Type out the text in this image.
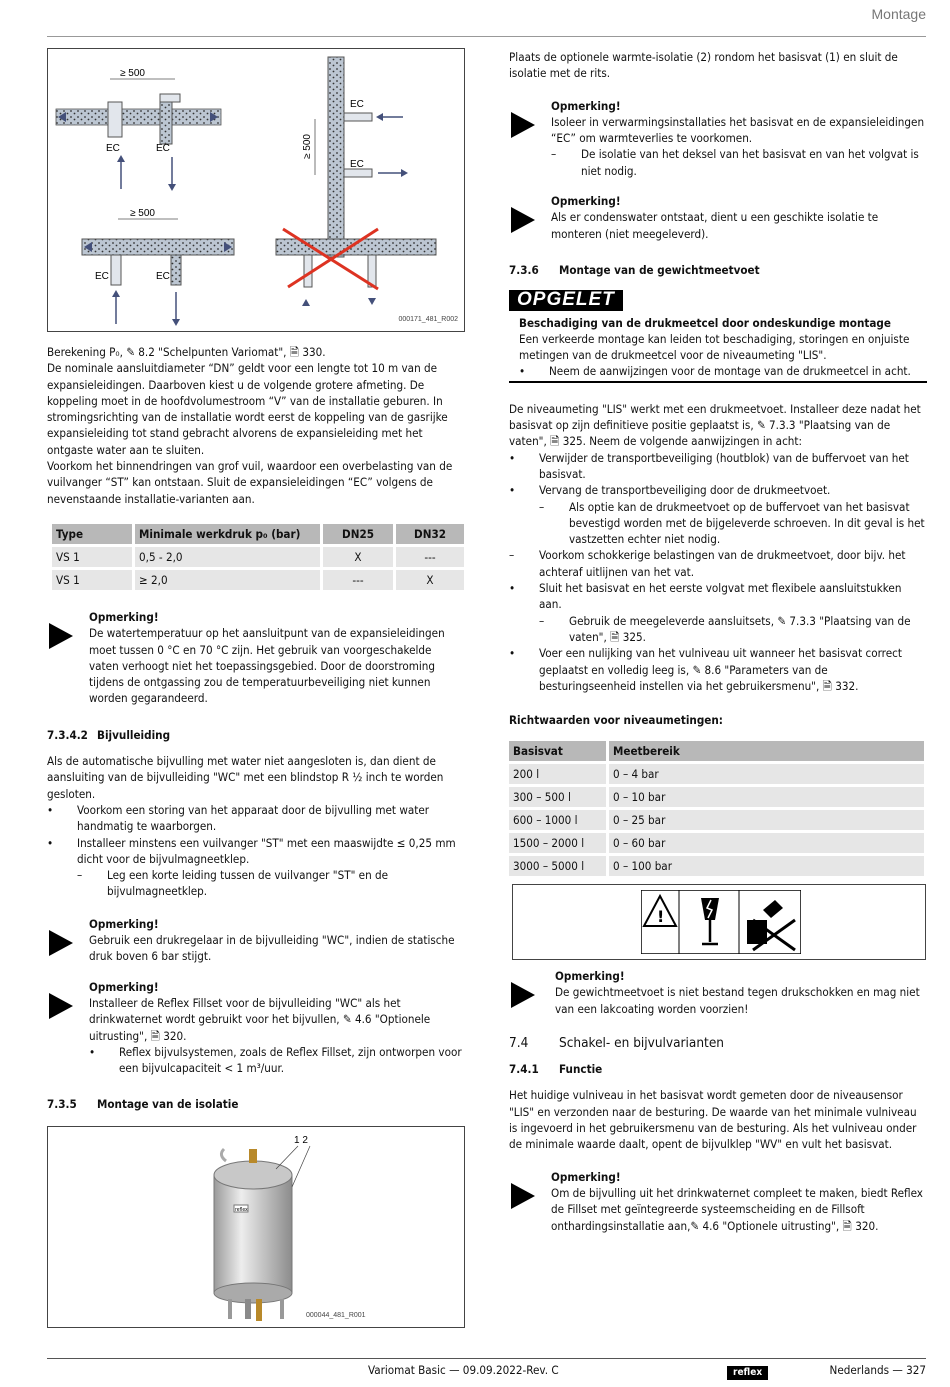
Montage
EC	EC
≥ 500
EC
EC
≥ 500
EC	EC
≥ 500
000171_481_R002

Berekening P₀, ✎ 8.2 "Schelpunten Variomat", 🗎 330.

De nominale aansluitdiameter “DN” geldt voor een lengte tot 10 m van de expansieleidingen. Daarboven kiest u de volgende grotere afmeting. De koppeling moet in de hoofdvolumestroom “V” van de installatie geburen. In stromingsrichting van de installatie wordt eerst de koppeling van de gasrijke expansieleiding tot stand gebracht alvorens de expansieleiding met het ontgaste water aan te sluiten.

Voorkom het binnendringen van grof vuil, waardoor een overbelasting van de vuilvanger “ST” kan ontstaan. Sluit de expansieleidingen “EC” volgens de nevenstaande installatie-varianten aan.

Type	Minimale werkdruk p₀ (bar)	DN25	DN32
VS 1	0,5 - 2,0	X	---
VS 1	≥ 2,0	---	X

Opmerking!

De watertemperatuur op het aansluitpunt van de expansieleidingen moet tussen 0 °C en 70 °C zijn. Het gebruik van voorgeschakelde vaten verhoogt niet het toepassingsgebied. Door de doorstroming tijdens de ontgassing zou de temperatuurbeveiliging niet kunnen worden gegarandeerd.

7.3.4.2 Bijvulleiding

Als de automatische bijvulling met water niet aangesloten is, dan dient de aansluiting van de bijvulleiding "WC" met een blindstop R ½ inch te worden gesloten.

• Voorkom een storing van het apparaat door de bijvulling met water handmatig te waarborgen.
• Installeer minstens een vuilvanger "ST" met een maaswijdte ≤ 0,25 mm dicht voor de bijvulmagneetklep.
– Leg een korte leiding tussen de vuilvanger "ST" en de bijvulmagneetklep.

Opmerking!

Gebruik een drukregelaar in de bijvulleiding "WC", indien de statische druk boven 6 bar stijgt.

Opmerking!

Installeer de Reflex Fillset voor de bijvulleiding "WC" als het drinkwaternet wordt gebruikt voor het bijvullen, ✎ 4.6 "Optionele uitrusting", 🗎 320.

• Reflex bijvulsystemen, zoals de Reflex Fillset, zijn ontworpen voor een bijvulcapaciteit < 1 m³/uur.

7.3.5 Montage van de isolatie

reflex
1 2
000044_481_R001

Plaats de optionele warmte-isolatie (2) rondom het basisvat (1) en sluit de isolatie met de rits.

Opmerking!

Isoleer in verwarmingsinstallaties het basisvat en de expansieleidingen “EC” om warmteverlies te voorkomen.

– De isolatie van het deksel van het basisvat en van het volgvat is niet nodig.

Opmerking!

Als er condenswater ontstaat, dient u een geschikte isolatie te monteren (niet meegeleverd).

7.3.6 Montage van de gewichtmeetvoet

OPGELET

Beschadiging van de drukmeetcel door ondeskundige montage

Een verkeerde montage kan leiden tot beschadiging, storingen en onjuiste metingen van de drukmeetcel voor de niveaumeting "LIS".

• Neem de aanwijzingen voor de montage van de drukmeetcel in acht.

De niveaumeting "LIS" werkt met een drukmeetvoet. Installeer deze nadat het basisvat op zijn definitieve positie geplaatst is, ✎ 7.3.3 "Plaatsing van de vaten", 🗎 325. Neem de volgende aanwijzingen in acht:

• Verwijder de transportbeveiliging (houtblok) van de buffervoet van het basisvat.
• Vervang de transportbeveiliging door de drukmeetvoet.
– Als optie kan de drukmeetvoet op de buffervoet van het basisvat bevestigd worden met de bijgeleverde schroeven. In dit geval is het vastzetten echter niet nodig.
– Voorkom schokkerige belastingen van de drukmeetvoet, door bijv. het achteraf uitlijnen van het vat.
• Sluit het basisvat en het eerste volgvat met flexibele aansluitstukken aan.
– Gebruik de meegeleverde aansluitsets, ✎ 7.3.3 "Plaatsing van de vaten", 🗎 325.
• Voer een nulijking van het vulniveau uit wanneer het basisvat correct geplaatst en volledig leeg is, ✎ 8.6 "Parameters van de besturingseenheid instellen via het gebruikersmenu", 🗎 332.

Richtwaarden voor niveaumetingen:

Basisvat	Meetbereik
200 l	0 – 4 bar
300 – 500 l	0 – 10 bar
600 – 1000 l	0 – 25 bar
1500 – 2000 l	0 – 60 bar
3000 – 5000 l	0 – 100 bar
!

Opmerking!

De gewichtmeetvoet is niet bestand tegen drukschokken en mag niet van een lakcoating worden voorzien!

7.4 Schakel- en bijvulvarianten

7.4.1 Functie

Het huidige vulniveau in het basisvat wordt gemeten door de niveausensor "LIS" en verzonden naar de besturing. De waarde van het minimale vulniveau is ingevoerd in het gebruikersmenu van de besturing. Als het vulniveau onder de minimale waarde daalt, opent de bijvulklep "WV" en vult het basisvat.

Opmerking!

Om de bijvulling uit het drinkwaternet compleet te maken, biedt Reflex de Fillset met geïntegreerde systeemscheiding en de Fillsoft onthardingsinstallatie aan,✎ 4.6 "Optionele uitrusting", 🗎 320.

Variomat Basic — 09.09.2022-Rev. C	reflex	Nederlands — 327
